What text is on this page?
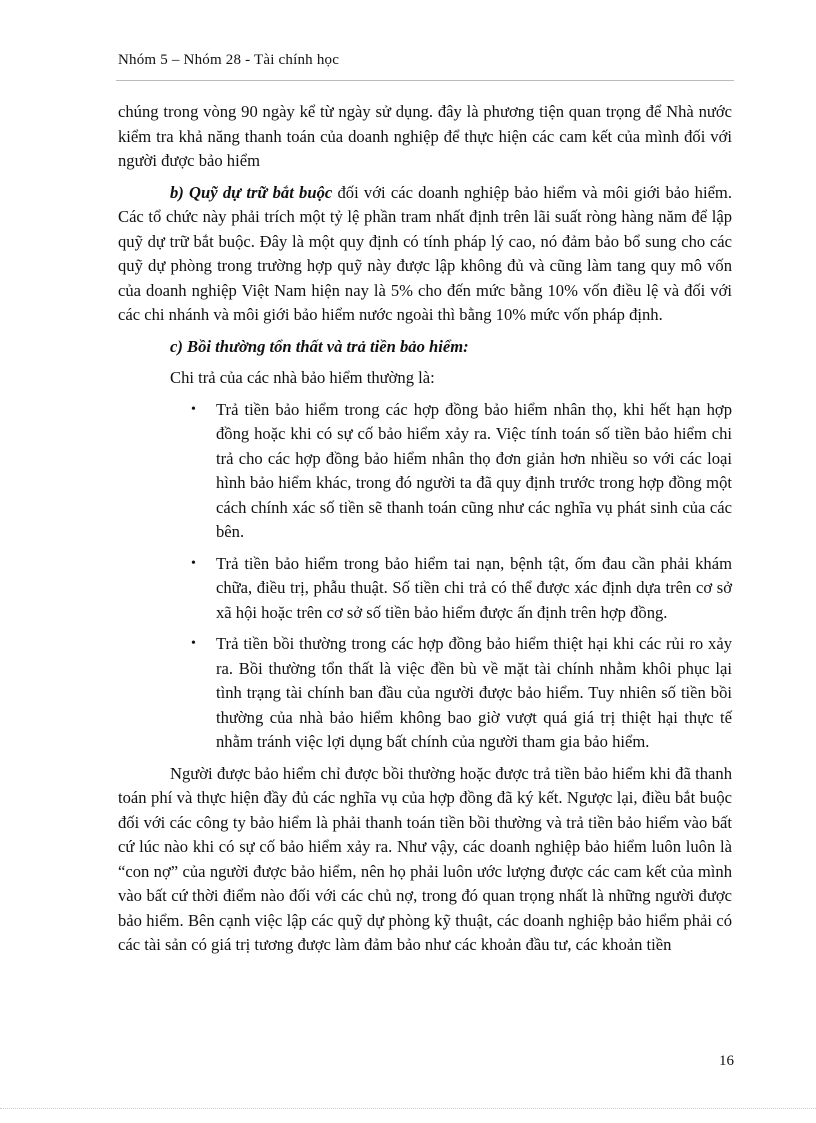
Nhóm 5 – Nhóm 28 - Tài chính học

chúng trong vòng 90 ngày kể từ ngày sử dụng. đây là phương tiện quan trọng để Nhà nước kiểm tra khả năng thanh toán của doanh nghiệp để thực hiện các cam kết của mình đối với người được bảo hiểm

b) Quỹ dự trữ bắt buộc đối với các doanh nghiệp bảo hiểm và môi giới bảo hiểm. Các tổ chức này phải trích một tỷ lệ phần tram nhất định trên lãi suất ròng hàng năm để lập quỹ dự trữ bắt buộc. Đây là một quy định có tính pháp lý cao, nó đảm bảo bổ sung cho các quỹ dự phòng trong trường hợp quỹ này được lập không đủ và cũng làm tang quy mô vốn của doanh nghiệp Việt Nam hiện nay là 5% cho đến mức bằng 10% vốn điều lệ và đối với các chi nhánh và môi giới bảo hiểm nước ngoài thì bằng 10% mức vốn pháp định.

c) Bồi thường tổn thất và trả tiền bảo hiểm:

Chi trả của các nhà bảo hiểm thường là:

• Trả tiền bảo hiểm trong các hợp đồng bảo hiểm nhân thọ, khi hết hạn hợp đồng hoặc khi có sự cố bảo hiểm xảy ra. Việc tính toán số tiền bảo hiểm chi trả cho các hợp đồng bảo hiểm nhân thọ đơn giản hơn nhiều so với các loại hình bảo hiểm khác, trong đó người ta đã quy định trước trong hợp đồng một cách chính xác số tiền sẽ thanh toán cũng như các nghĩa vụ phát sinh của các bên.
• Trả tiền bảo hiểm trong bảo hiểm tai nạn, bệnh tật, ốm đau cần phải khám chữa, điều trị, phẫu thuật. Số tiền chi trả có thể được xác định dựa trên cơ sở xã hội hoặc trên cơ sở số tiền bảo hiểm được ấn định trên hợp đồng.
• Trả tiền bồi thường trong các hợp đồng bảo hiểm thiệt hại khi các rủi ro xảy ra. Bồi thường tổn thất là việc đền bù về mặt tài chính nhằm khôi phục lại tình trạng tài chính ban đầu của người được bảo hiểm. Tuy nhiên số tiền bồi thường của nhà bảo hiểm không bao giờ vượt quá giá trị thiệt hại thực tế nhằm tránh việc lợi dụng bất chính của người tham gia bảo hiểm.

Người được bảo hiểm chỉ được bồi thường hoặc được trả tiền bảo hiểm khi đã thanh toán phí và thực hiện đầy đủ các nghĩa vụ của hợp đồng đã ký kết. Ngược lại, điều bắt buộc đối với các công ty bảo hiểm là phải thanh toán tiền bồi thường và trả tiền bảo hiểm vào bất cứ lúc nào khi có sự cố bảo hiểm xảy ra. Như vậy, các doanh nghiệp bảo hiểm luôn luôn là “con nợ” của người được bảo hiểm, nên họ phải luôn ước lượng được các cam kết của mình vào bất cứ thời điểm nào đối với các chủ nợ, trong đó quan trọng nhất là những người được bảo hiểm. Bên cạnh việc lập các quỹ dự phòng kỹ thuật, các doanh nghiệp bảo hiểm phải có các tài sản có giá trị tương được làm đảm bảo như các khoản đầu tư, các khoản tiền

16
